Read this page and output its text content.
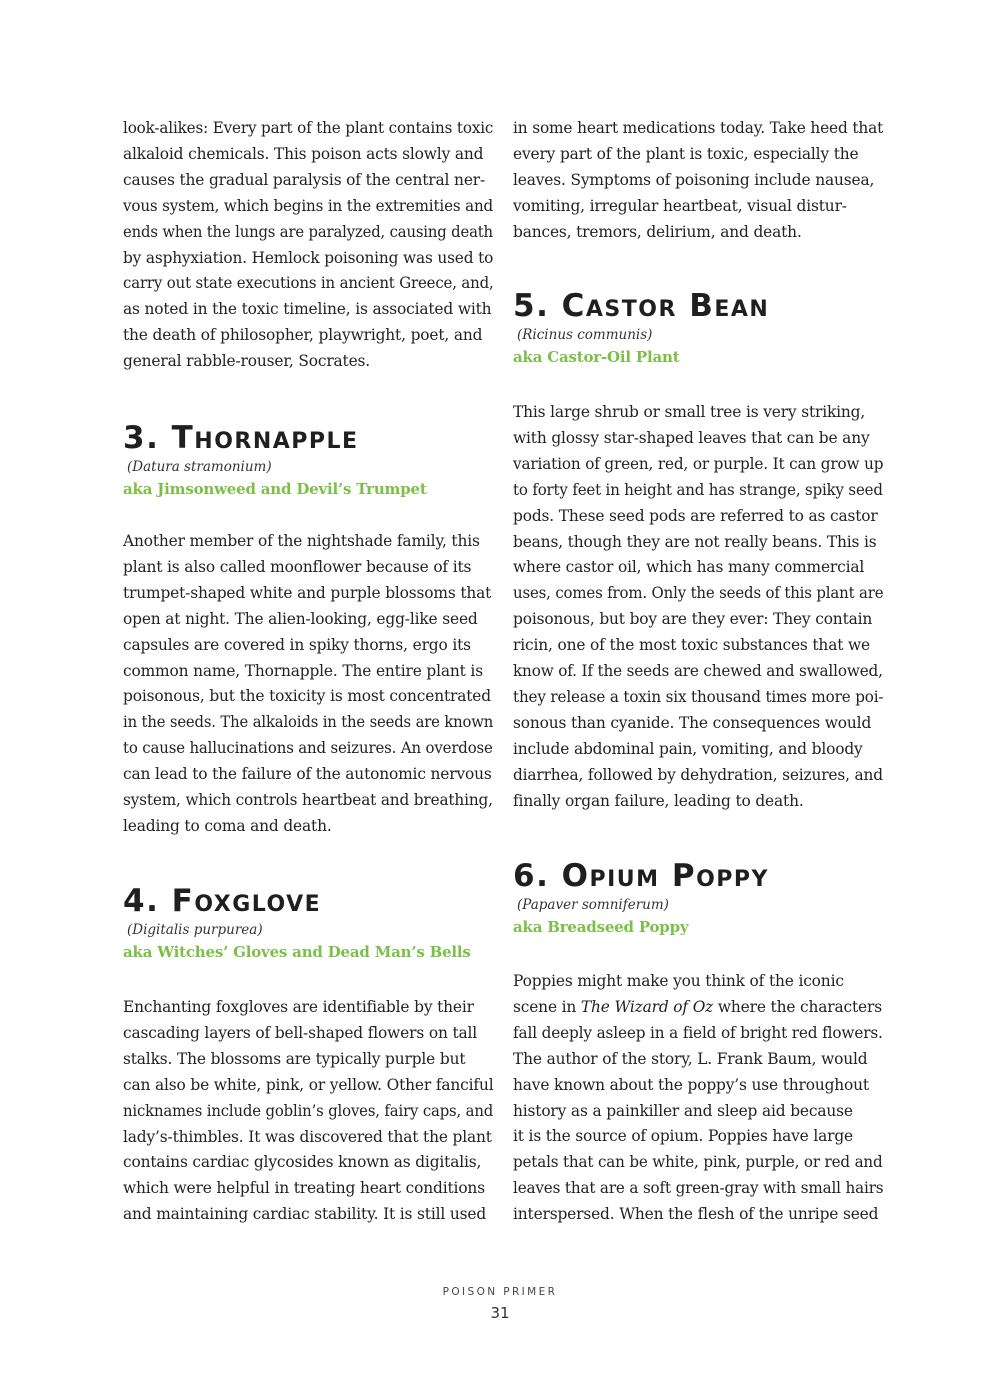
look-alikes: Every part of the plant contains toxic
alkaloid chemicals. This poison acts slowly and
causes the gradual paralysis of the central ner-
vous system, which begins in the extremities and
ends when the lungs are paralyzed, causing death
by asphyxiation. Hemlock poisoning was used to
carry out state executions in ancient Greece, and,
as noted in the toxic timeline, is associated with
the death of philosopher, playwright, poet, and
general rabble-rouser, Socrates.

3. Thornapple
(Datura stramonium)
aka Jimsonweed and Devil’s Trumpet

Another member of the nightshade family, this
plant is also called moonflower because of its
trumpet-shaped white and purple blossoms that
open at night. The alien-looking, egg-like seed
capsules are covered in spiky thorns, ergo its
common name, Thornapple. The entire plant is
poisonous, but the toxicity is most concentrated
in the seeds. The alkaloids in the seeds are known
to cause hallucinations and seizures. An overdose
can lead to the failure of the autonomic nervous
system, which controls heartbeat and breathing,
leading to coma and death.

4. Foxglove
(Digitalis purpurea)
aka Witches’ Gloves and Dead Man’s Bells

Enchanting foxgloves are identifiable by their
cascading layers of bell-shaped flowers on tall
stalks. The blossoms are typically purple but
can also be white, pink, or yellow. Other fanciful
nicknames include goblin’s gloves, fairy caps, and
lady’s-thimbles. It was discovered that the plant
contains cardiac glycosides known as digitalis,
which were helpful in treating heart conditions
and maintaining cardiac stability. It is still used

in some heart medications today. Take heed that
every part of the plant is toxic, especially the
leaves. Symptoms of poisoning include nausea,
vomiting, irregular heartbeat, visual distur-
bances, tremors, delirium, and death.

5. Castor Bean
(Ricinus communis)
aka Castor-Oil Plant

This large shrub or small tree is very striking,
with glossy star-shaped leaves that can be any
variation of green, red, or purple. It can grow up
to forty feet in height and has strange, spiky seed
pods. These seed pods are referred to as castor
beans, though they are not really beans. This is
where castor oil, which has many commercial
uses, comes from. Only the seeds of this plant are
poisonous, but boy are they ever: They contain
ricin, one of the most toxic substances that we
know of. If the seeds are chewed and swallowed,
they release a toxin six thousand times more poi-
sonous than cyanide. The consequences would
include abdominal pain, vomiting, and bloody
diarrhea, followed by dehydration, seizures, and
finally organ failure, leading to death.

6. Opium Poppy
(Papaver somniferum)
aka Breadseed Poppy

Poppies might make you think of the iconic
scene in The Wizard of Oz where the characters
fall deeply asleep in a field of bright red flowers.
The author of the story, L. Frank Baum, would
have known about the poppy’s use throughout
history as a painkiller and sleep aid because
it is the source of opium. Poppies have large
petals that can be white, pink, purple, or red and
leaves that are a soft green-gray with small hairs
interspersed. When the flesh of the unripe seed

POISON PRIMER
31
